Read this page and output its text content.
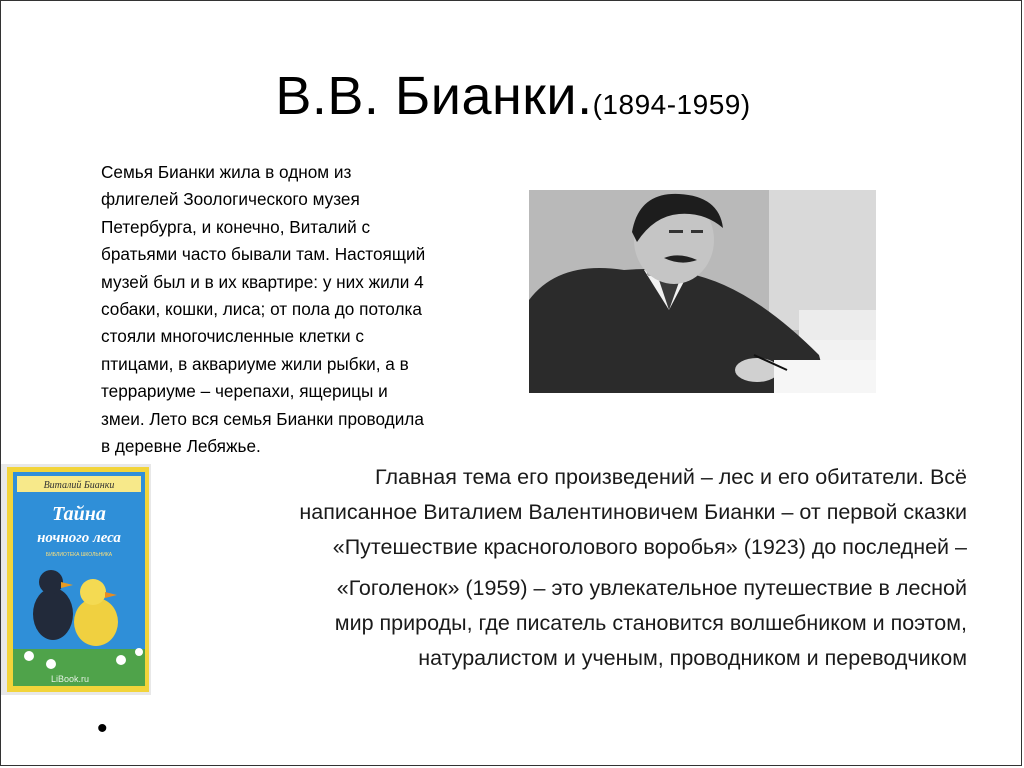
В.В. Бианки.(1894-1959)
Семья Бианки жила в одном из
флигелей Зоологического музея
Петербурга, и конечно, Виталий с
братьями часто бывали там. Настоящий
музей был и в их квартире: у них жили 4
собаки, кошки, лиса; от пола до потолка
стояли многочисленные клетки с
птицами, в аквариуме жили рыбки, а в
террариуме – черепахи, ящерицы и
змеи. Лето вся семья Бианки проводила
в деревне Лебяжье.
Виталий Бианки
Тайна
ночного леса
БИБЛИОТЕКА ШКОЛЬНИКА
LiBook.ru

Главная тема его произведений – лес и его обитатели. Всё
написанное Виталием Валентиновичем Бианки – от первой сказки
«Путешествие красноголового воробья» (1923) до последней –

«Гоголенок» (1959) – это увлекательное путешествие в лесной
мир природы, где писатель становится волшебником и поэтом,
натуралистом и ученым, проводником и переводчиком

•
